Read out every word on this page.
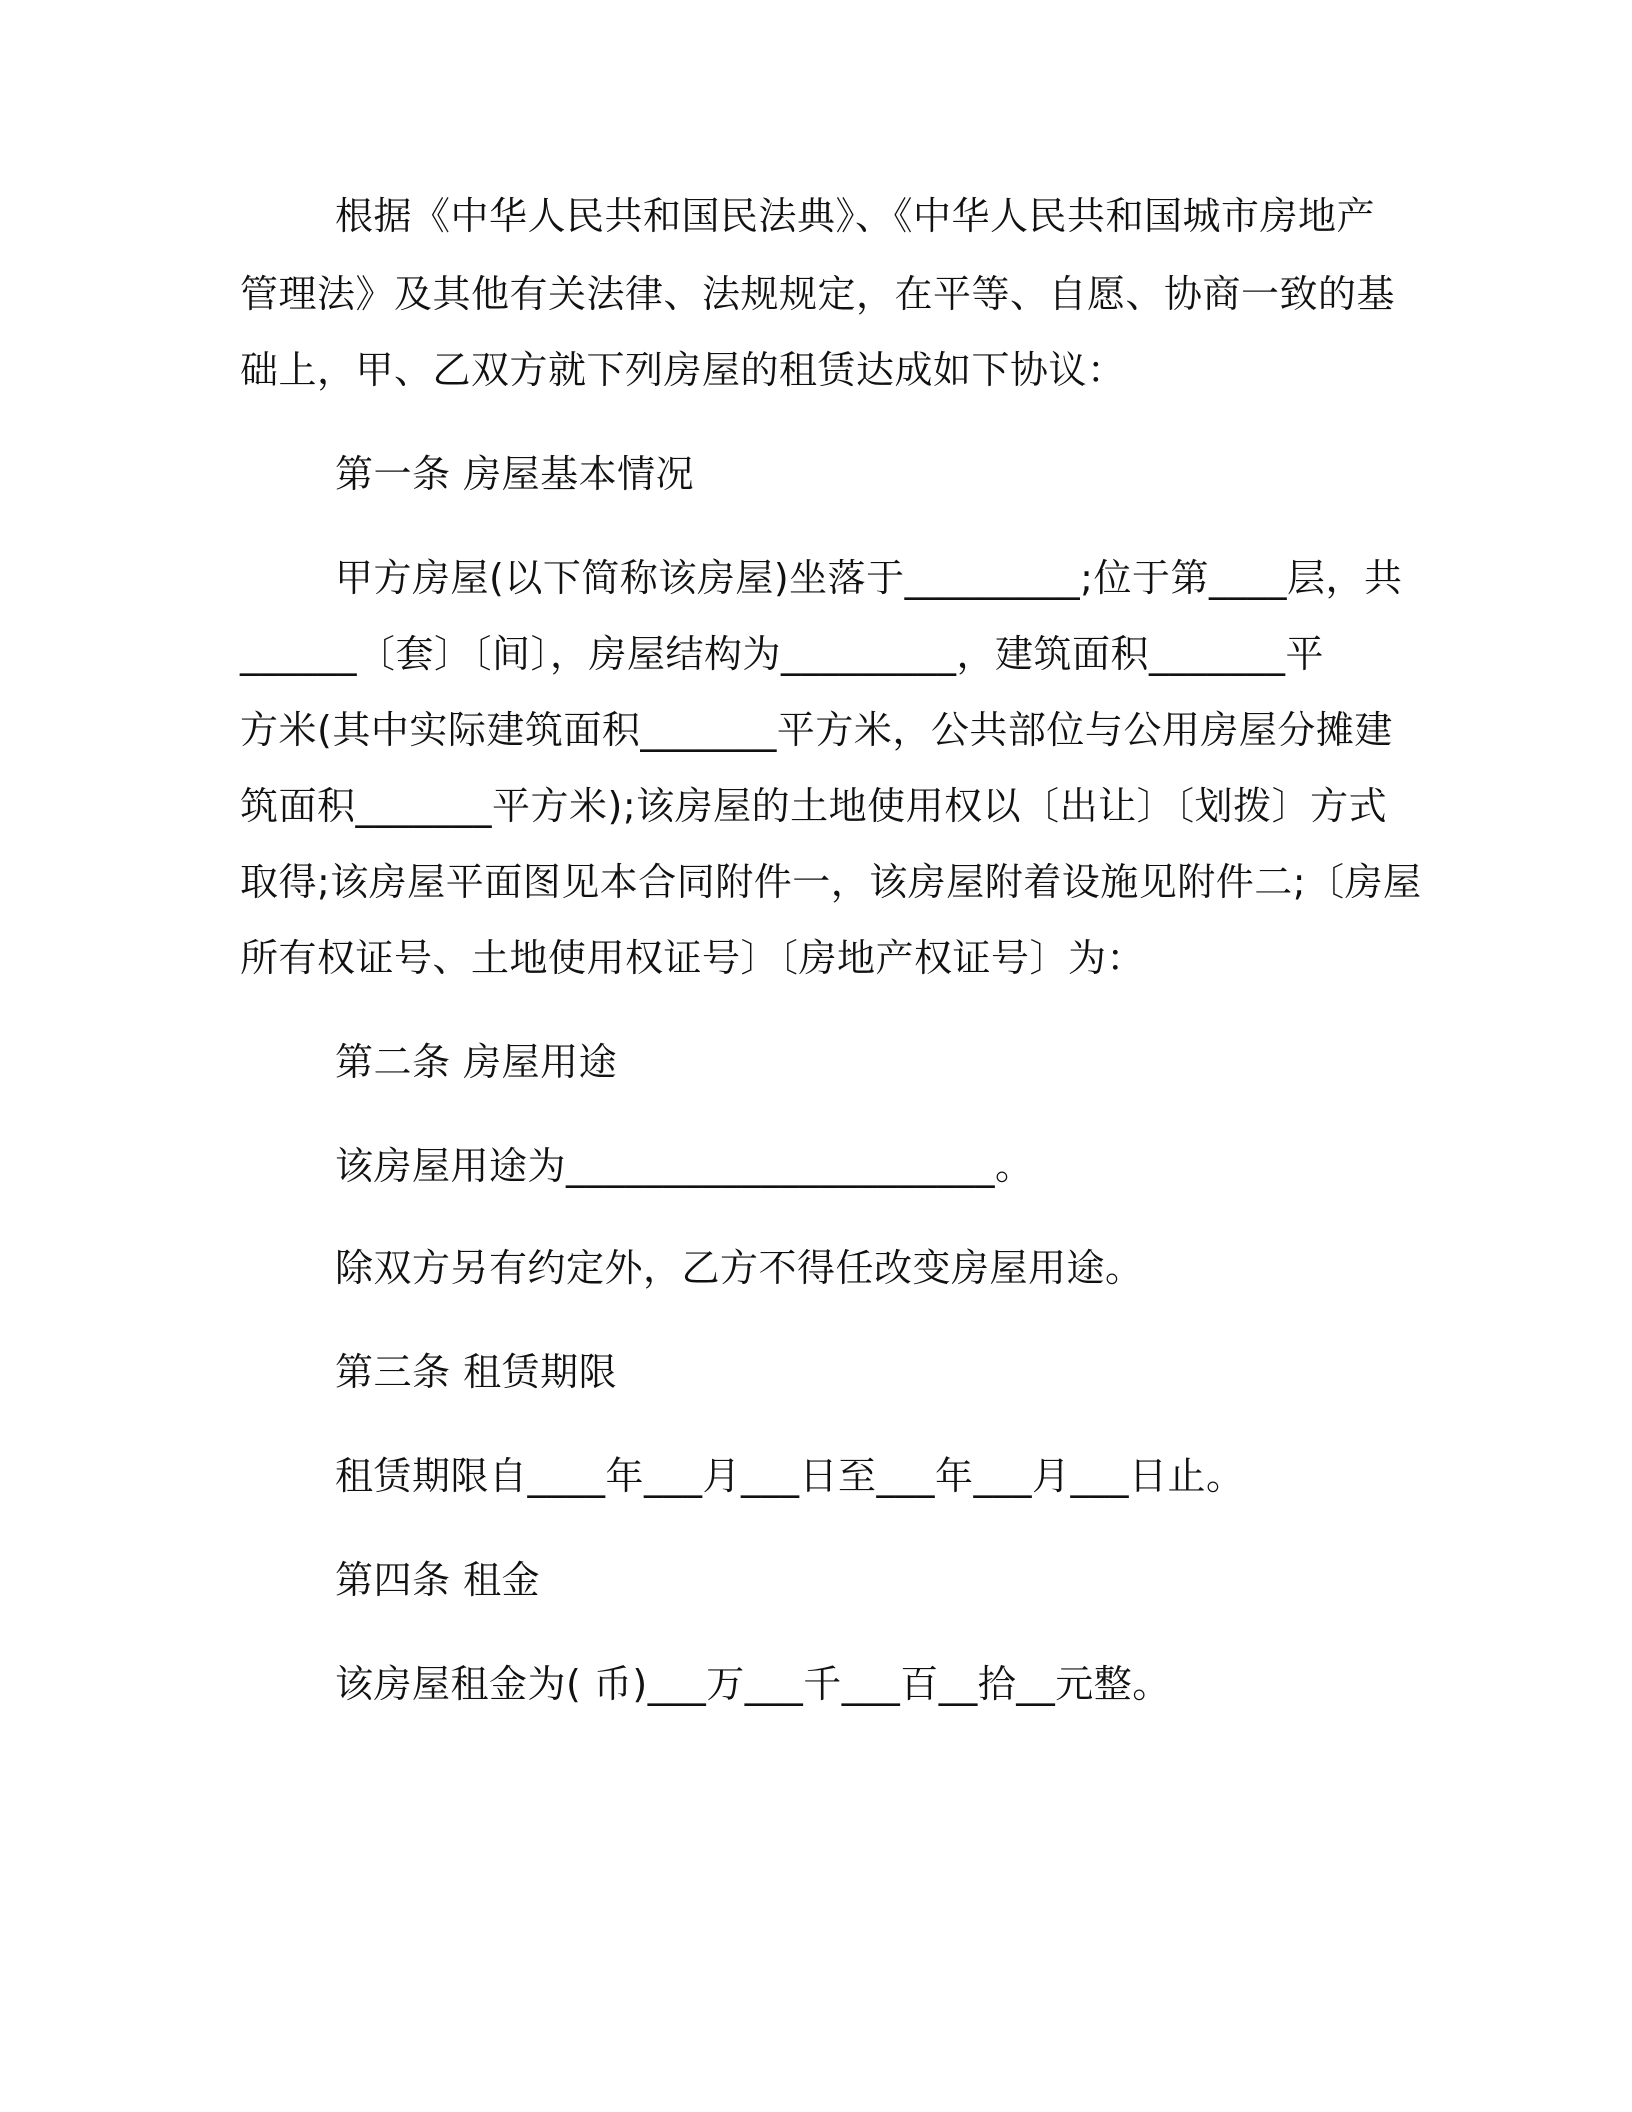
根据《中华人民共和国民法典》、《中华人民共和国城市房地产
管理法》及其他有关法律、法规规定，在平等、自愿、协商一致的基
础上，甲、乙双方就下列房屋的租赁达成如下协议：
第一条 房屋基本情况
甲方房屋(以下简称该房屋)坐落于_________;位于第____层，共
______〔套〕〔间〕，房屋结构为_________，建筑面积_______平
方米(其中实际建筑面积_______平方米，公共部位与公用房屋分摊建
筑面积_______平方米);该房屋的土地使用权以〔出让〕〔划拨〕方式
取得;该房屋平面图见本合同附件一，该房屋附着设施见附件二;〔房屋
所有权证号、土地使用权证号〕〔房地产权证号〕为：
第二条 房屋用途
该房屋用途为______________________。
除双方另有约定外，乙方不得任改变房屋用途。
第三条 租赁期限
租赁期限自____年___月___日至___年___月___日止。
第四条 租金
该房屋租金为( 币)___万___千___百__拾__元整。
